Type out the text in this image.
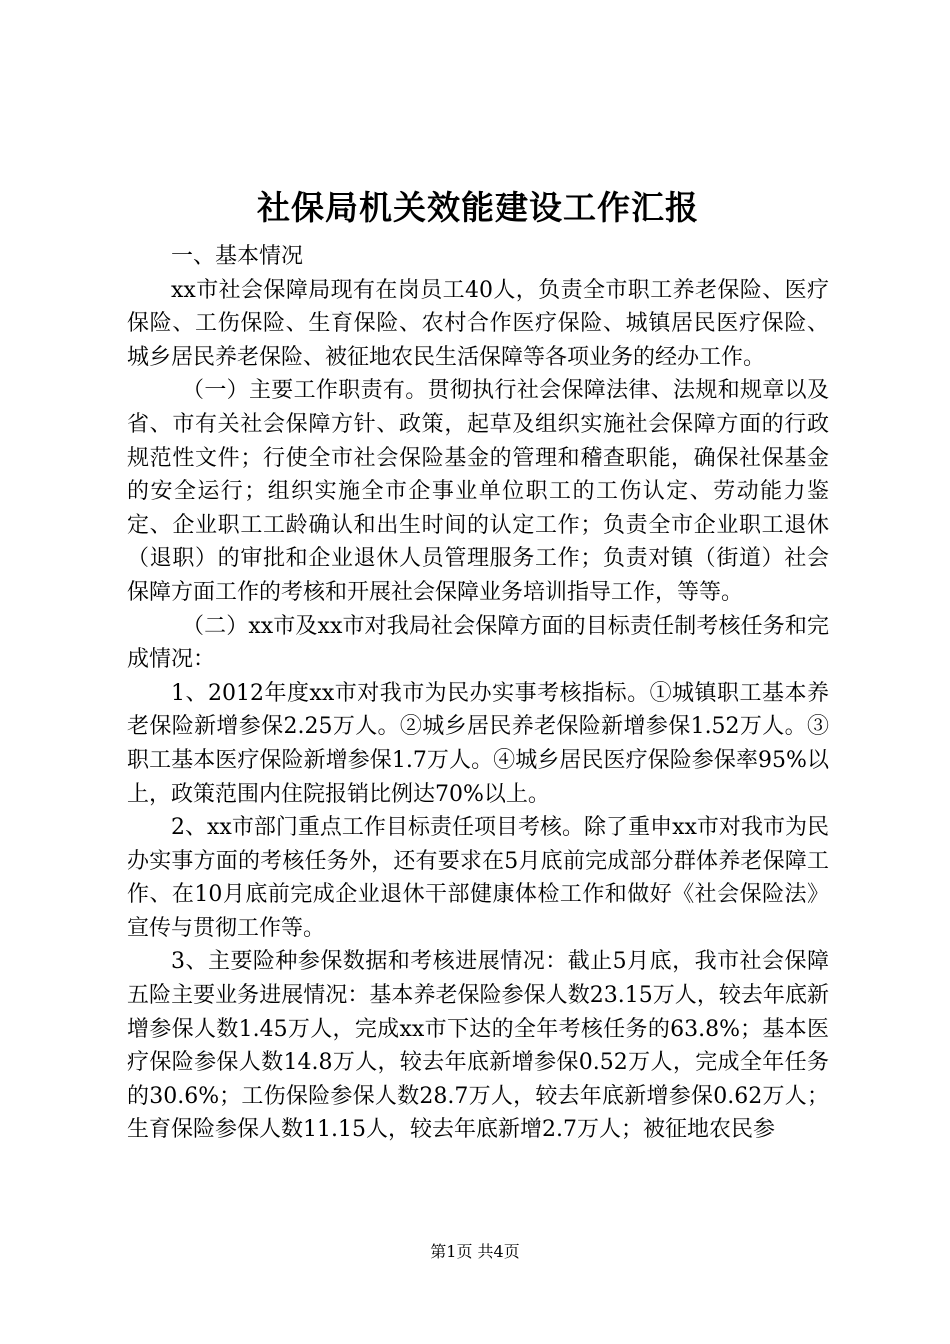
社保局机关效能建设工作汇报

一、基本情况

xx市社会保障局现有在岗员工40人，负责全市职工养老保险、医疗保险、工伤保险、生育保险、农村合作医疗保险、城镇居民医疗保险、城乡居民养老保险、被征地农民生活保障等各项业务的经办工作。

（一）主要工作职责有。贯彻执行社会保障法律、法规和规章以及省、市有关社会保障方针、政策，起草及组织实施社会保障方面的行政规范性文件；行使全市社会保险基金的管理和稽查职能，确保社保基金的安全运行；组织实施全市企事业单位职工的工伤认定、劳动能力鉴定、企业职工工龄确认和出生时间的认定工作；负责全市企业职工退休（退职）的审批和企业退休人员管理服务工作；负责对镇（街道）社会保障方面工作的考核和开展社会保障业务培训指导工作，等等。

（二）xx市及xx市对我局社会保障方面的目标责任制考核任务和完成情况：

1、2012年度xx市对我市为民办实事考核指标。①城镇职工基本养老保险新增参保2.25万人。②城乡居民养老保险新增参保1.52万人。③职工基本医疗保险新增参保1.7万人。④城乡居民医疗保险参保率95%以上，政策范围内住院报销比例达70%以上。

2、xx市部门重点工作目标责任项目考核。除了重申xx市对我市为民办实事方面的考核任务外，还有要求在5月底前完成部分群体养老保障工作、在10月底前完成企业退休干部健康体检工作和做好《社会保险法》宣传与贯彻工作等。

3、主要险种参保数据和考核进展情况：截止5月底，我市社会保障五险主要业务进展情况：基本养老保险参保人数23.15万人，较去年底新增参保人数1.45万人，完成xx市下达的全年考核任务的63.8%；基本医疗保险参保人数14.8万人，较去年底新增参保0.52万人，完成全年任务的30.6%；工伤保险参保人数28.7万人，较去年底新增参保0.62万人；生育保险参保人数11.15人，较去年底新增2.7万人；被征地农民参

第1页 共4页
